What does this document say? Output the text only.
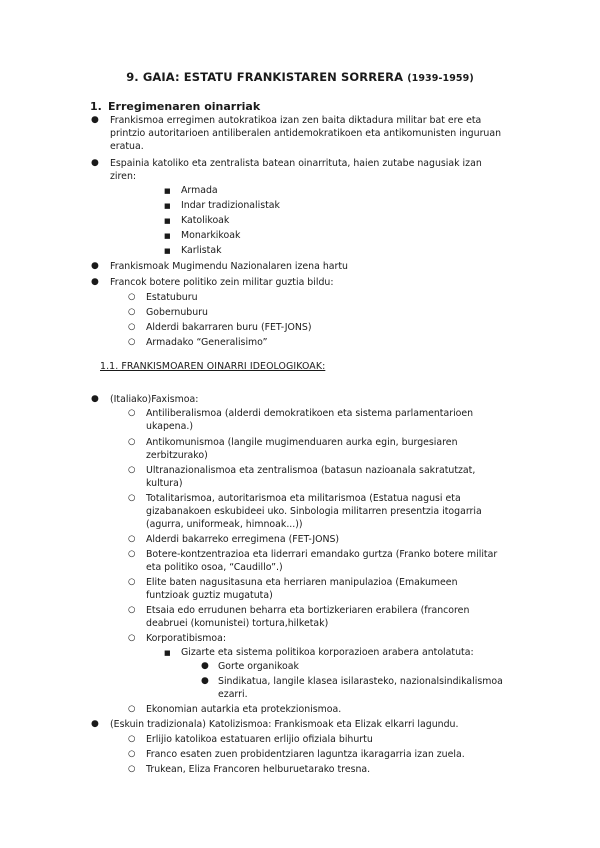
9. GAIA: ESTATU FRANKISTAREN SORRERA (1939-1959)
1. Erregimenaren oinarriak
● Frankismoa erregimen autokratikoa izan zen baita diktadura militar bat ere eta
printzio autoritarioen antiliberalen antidemokratikoen eta antikomunisten inguruan
eratua.
● Espainia katoliko eta zentralista batean oinarrituta, haien zutabe nagusiak izan
ziren:
■ Armada
■ Indar tradizionalistak
■ Katolikoak
■ Monarkikoak
■ Karlistak
● Frankismoak Mugimendu Nazionalaren izena hartu
● Francok botere politiko zein militar guztia bildu:
○ Estatuburu
○ Gobernuburu
○ Alderdi bakarraren buru (FET-JONS)
○ Armadako “Generalisimo”
1.1. FRANKISMOAREN OINARRI IDEOLOGIKOAK:
● (Italiako)Faxismoa:
○ Antiliberalismoa (alderdi demokratikoen eta sistema parlamentarioen
ukapena.)
○ Antikomunismoa (langile mugimenduaren aurka egin, burgesiaren
zerbitzurako)
○ Ultranazionalismoa eta zentralismoa (batasun nazioanala sakratutzat,
kultura)
○ Totalitarismoa, autoritarismoa eta militarismoa (Estatua nagusi eta
gizabanakoen eskubideei uko. Sinbologia militarren presentzia itogarria
(agurra, uniformeak, himnoak...))
○ Alderdi bakarreko erregimena (FET-JONS)
○ Botere-kontzentrazioa eta liderrari emandako gurtza (Franko botere militar
eta politiko osoa, “Caudillo”.)
○ Elite baten nagusitasuna eta herriaren manipulazioa (Emakumeen
funtzioak guztiz mugatuta)
○ Etsaia edo errudunen beharra eta bortizkeriaren erabilera (francoren
deabruei (komunistei) tortura,hilketak)
○ Korporatibismoa:
■ Gizarte eta sistema politikoa korporazioen arabera antolatuta:
● Gorte organikoak
● Sindikatua, langile klasea isilarasteko, nazionalsindikalismoa
ezarri.
○ Ekonomian autarkia eta protekzionismoa.
● (Eskuin tradizionala) Katolizismoa: Frankismoak eta Elizak elkarri lagundu.
○ Erlijio katolikoa estatuaren erlijio ofiziala bihurtu
○ Franco esaten zuen probidentziaren laguntza ikaragarria izan zuela.
○ Trukean, Eliza Francoren helburuetarako tresna.
